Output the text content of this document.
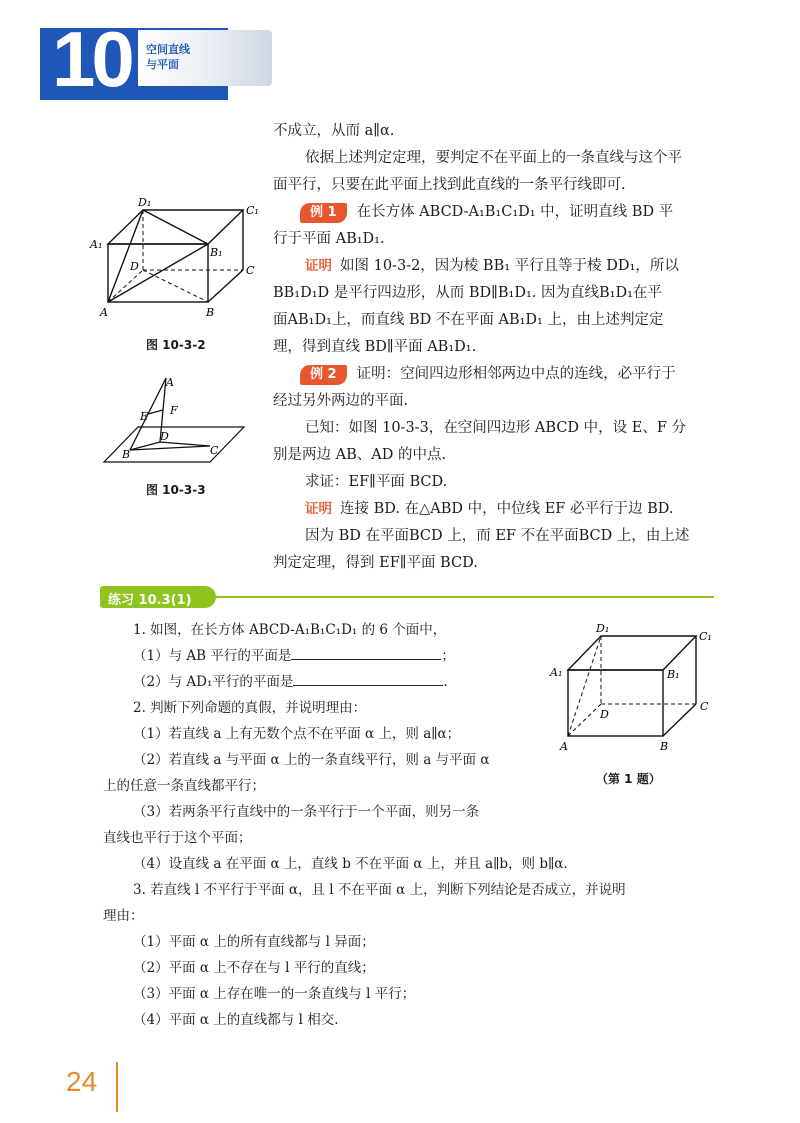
10 空间直线
与平面
不成立，从而 a∥α.
依据上述判定定理，要判定不在平面上的一条直线与这个平
面平行，只要在此平面上找到此直线的一条平行线即可.
例 1 在长方体 ABCD-A₁B₁C₁D₁ 中，证明直线 BD 平
行于平面 AB₁D₁.
证明 如图 10-3-2，因为棱 BB₁ 平行且等于棱 DD₁，所以
BB₁D₁D 是平行四边形，从而 BD∥B₁D₁. 因为直线B₁D₁在平
面AB₁D₁上，而直线 BD 不在平面 AB₁D₁ 上，由上述判定定
理，得到直线 BD∥平面 AB₁D₁.
例 2 证明：空间四边形相邻两边中点的连线，必平行于
经过另外两边的平面.
已知：如图 10-3-3，在空间四边形 ABCD 中，设 E、F 分
别是两边 AB、AD 的中点.
求证：EF∥平面 BCD.
证明 连接 BD. 在△ABD 中，中位线 EF 必平行于边 BD.
因为 BD 在平面BCD 上，而 EF 不在平面BCD 上，由上述
判定定理，得到 EF∥平面 BCD.
D₁
C₁
A₁
B₁
D	C
A	B
图 10-3-2
A
E F
D
B	C
图 10-3-3
练习 10.3(1)
1. 如图，在长方体 ABCD-A₁B₁C₁D₁ 的 6 个面中，
（1）与 AB 平行的平面是	；
（2）与 AD₁平行的平面是	.
2. 判断下列命题的真假，并说明理由：
（1）若直线 a 上有无数个点不在平面 α 上，则 a∥α；
（2）若直线 a 与平面 α 上的一条直线平行，则 a 与平面 α
上的任意一条直线都平行；
（3）若两条平行直线中的一条平行于一个平面，则另一条
直线也平行于这个平面；
（4）设直线 a 在平面 α 上，直线 b 不在平面 α 上，并且 a∥b，则 b∥α.
3. 若直线 l 不平行于平面 α，且 l 不在平面 α 上，判断下列结论是否成立，并说明
理由：
（1）平面 α 上的所有直线都与 l 异面；
（2）平面 α 上不存在与 l 平行的直线；
（3）平面 α 上存在唯一的一条直线与 l 平行；
（4）平面 α 上的直线都与 l 相交.
D₁
C₁
A₁	B₁
D
C
A	B
（第 1 题）
24
